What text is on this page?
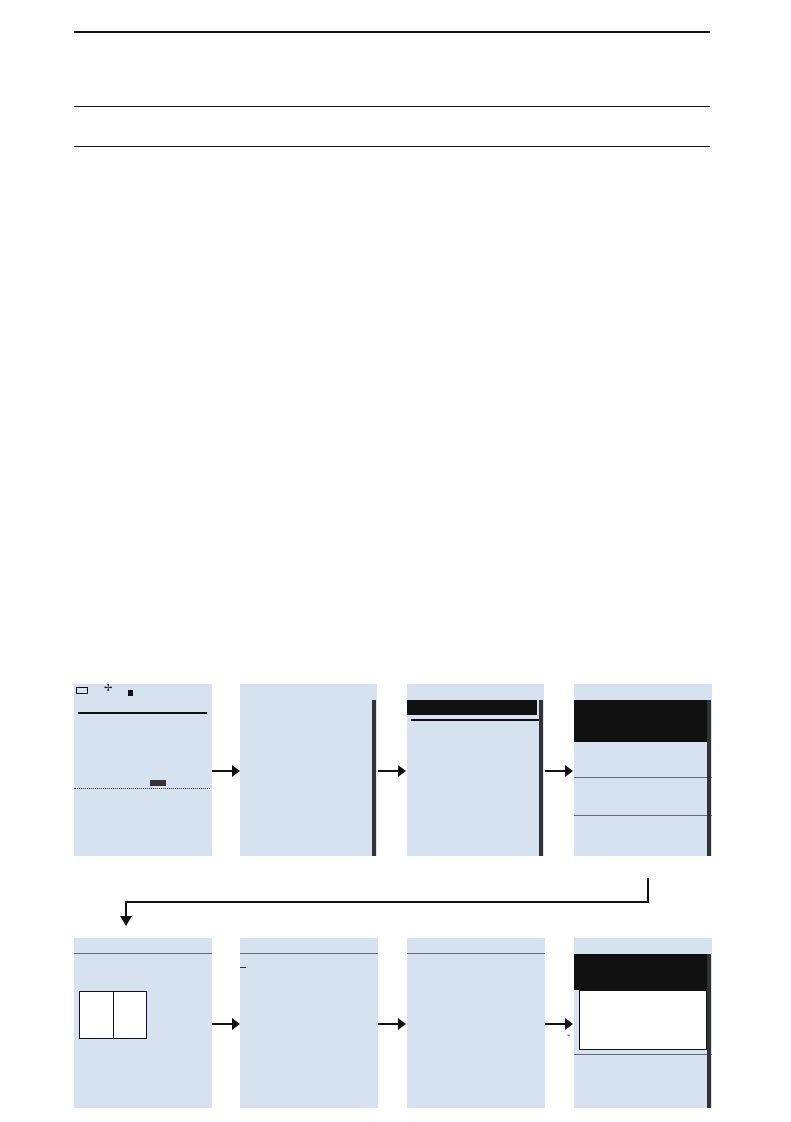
✢
_
-
